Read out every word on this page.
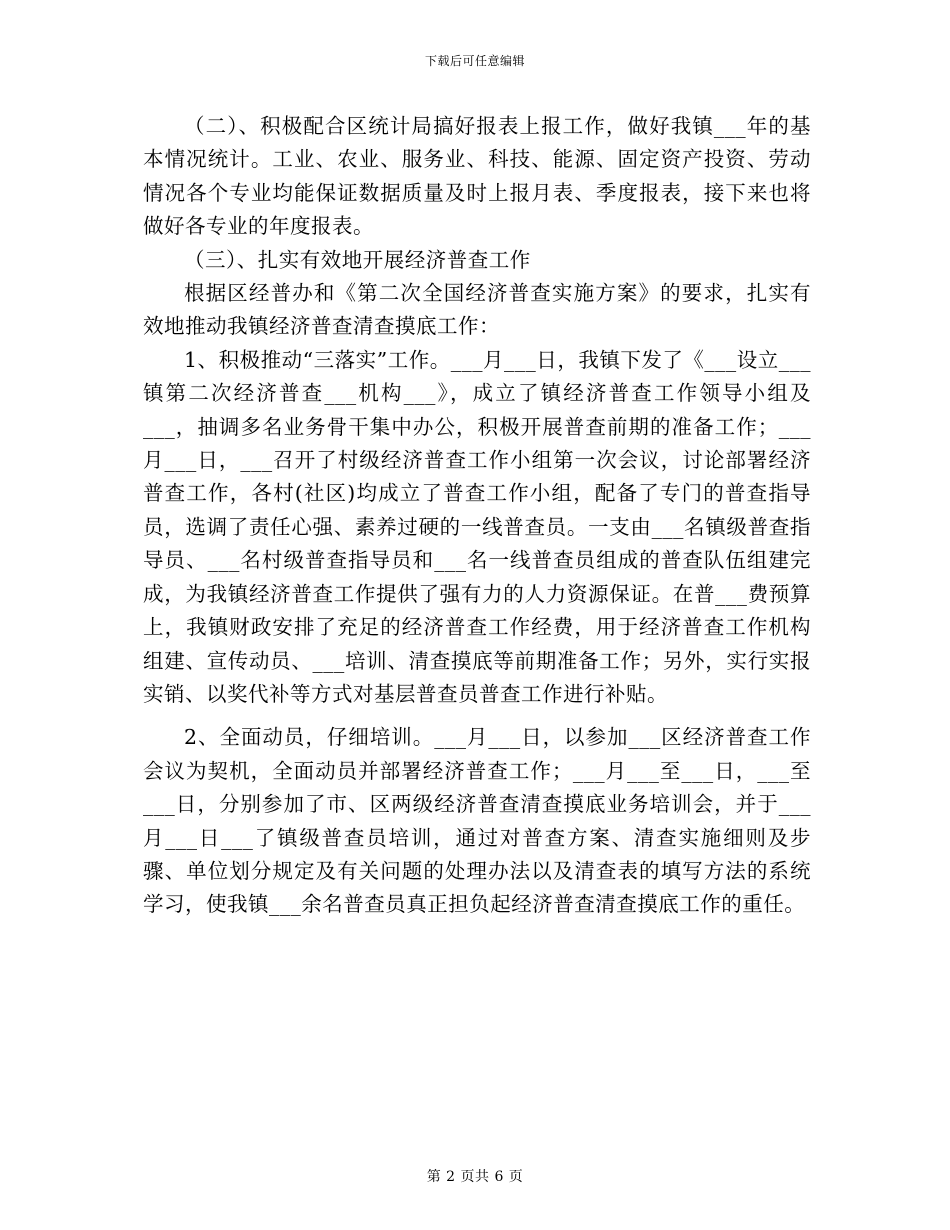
下载后可任意编辑

（二）、积极配合区统计局搞好报表上报工作，做好我镇___年的基本情况统计。工业、农业、服务业、科技、能源、固定资产投资、劳动情况各个专业均能保证数据质量及时上报月表、季度报表，接下来也将做好各专业的年度报表。

（三）、扎实有效地开展经济普查工作

根据区经普办和《第二次全国经济普查实施方案》的要求，扎实有效地推动我镇经济普查清查摸底工作：

1、积极推动“三落实”工作。___月___日，我镇下发了《___设立___镇第二次经济普查___机构___》，成立了镇经济普查工作领导小组及___，抽调多名业务骨干集中办公，积极开展普查前期的准备工作；___月___日，___召开了村级经济普查工作小组第一次会议，讨论部署经济普查工作，各村(社区)均成立了普查工作小组，配备了专门的普查指导员，选调了责任心强、素养过硬的一线普查员。一支由___名镇级普查指导员、___名村级普查指导员和___名一线普查员组成的普查队伍组建完成，为我镇经济普查工作提供了强有力的人力资源保证。在普___费预算上，我镇财政安排了充足的经济普查工作经费，用于经济普查工作机构组建、宣传动员、___培训、清查摸底等前期准备工作；另外，实行实报实销、以奖代补等方式对基层普查员普查工作进行补贴。

2、全面动员，仔细培训。___月___日，以参加___区经济普查工作会议为契机，全面动员并部署经济普查工作；___月___至___日，___至___日，分别参加了市、区两级经济普查清查摸底业务培训会，并于___月___日___了镇级普查员培训，通过对普查方案、清查实施细则及步骤、单位划分规定及有关问题的处理办法以及清查表的填写方法的系统学习，使我镇___余名普查员真正担负起经济普查清查摸底工作的重任。

第 2 页共 6 页
